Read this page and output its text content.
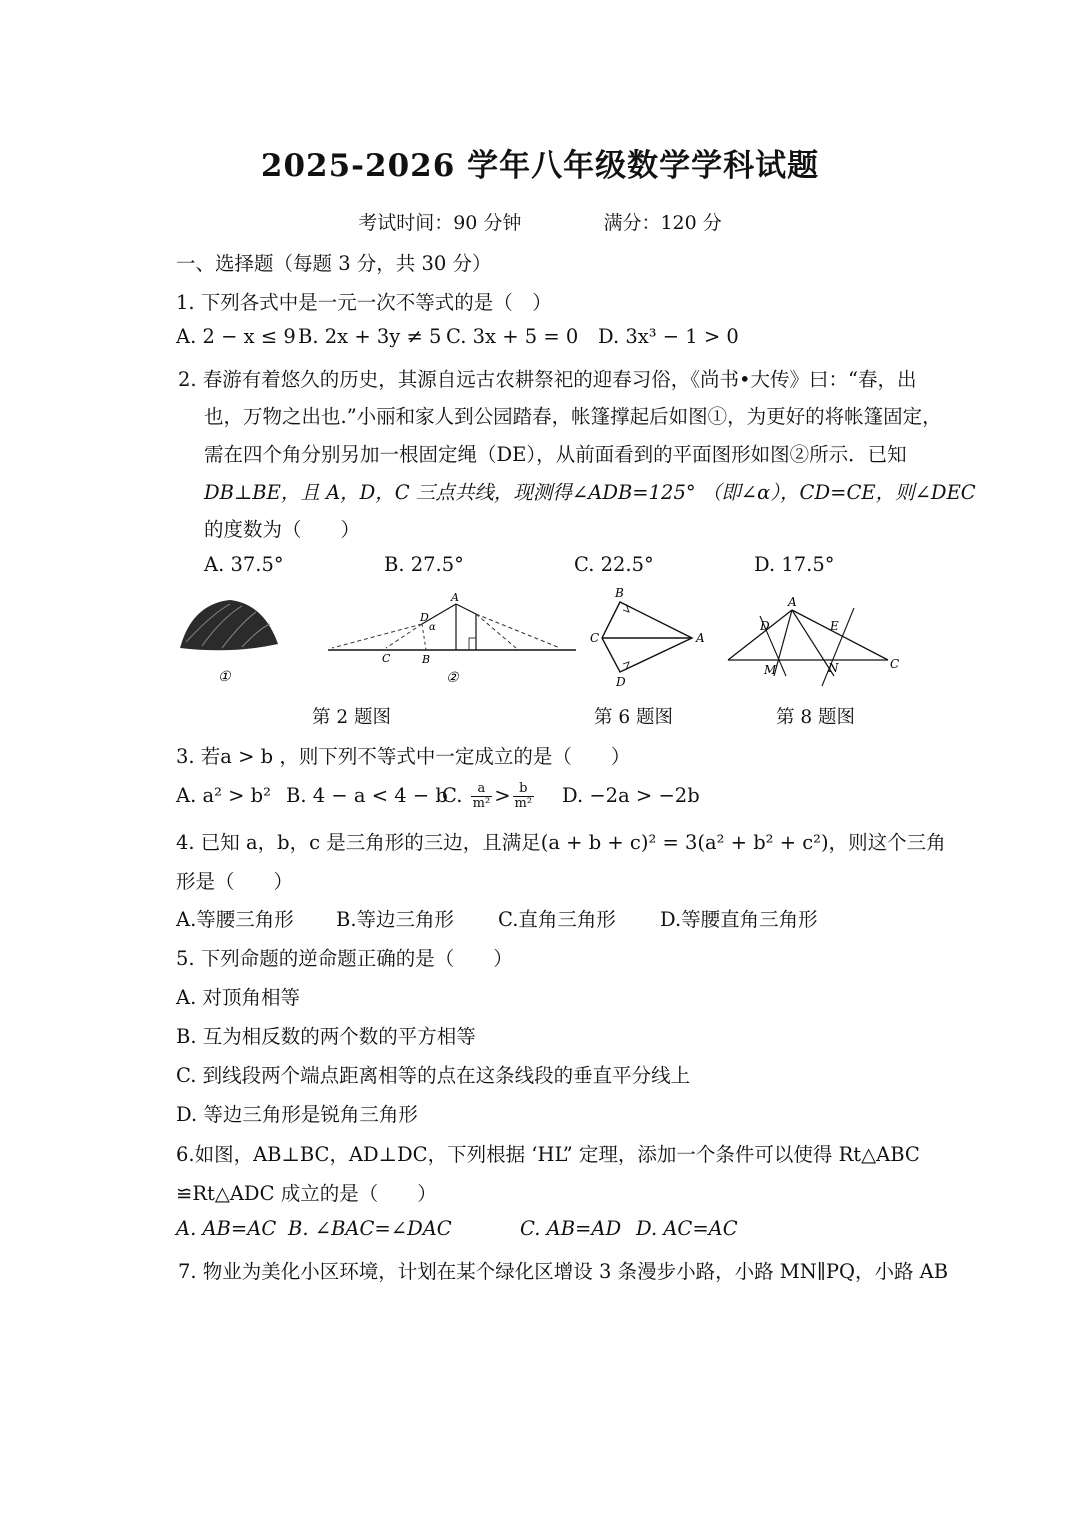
2025-2026 学年八年级数学学科试题
考试时间：90 分钟	满分：120 分
一、选择题（每题 3 分，共 30 分）
1. 下列各式中是一元一次不等式的是（　）
A. 2 − x ≤ 9 B. 2x + 3y ≠ 5 C. 3x + 5 = 0 D. 3x³ − 1 > 0
2. 春游有着悠久的历史，其源自远古农耕祭祀的迎春习俗，《尚书•大传》曰：“春，出
也，万物之出也.”小丽和家人到公园踏春，帐篷撑起后如图①，为更好的将帐篷固定，
需在四个角分别另加一根固定绳（DE），从前面看到的平面图形如图②所示．已知
DB⊥BE，且 A，D，C 三点共线，现测得∠ADB=125° （即∠α），CD=CE，则∠DEC
的度数为（　　）
A. 37.5°	B. 27.5°	C. 22.5°	D. 17.5°
①
A
D
α
C	B
②
B
C	A
D
A
D	E
M	N	C
第 2 题图	第 6 题图	第 8 题图
3. 若a > b ，则下列不等式中一定成立的是（　　）
A. a² > b² B. 4 − a < 4 − bC. $\frac{a}{\text{m²}} > \frac{b}{\text{m²}} D$. −2a > −2b
4. 已知 a，b，c 是三角形的三边，且满足(a + b + c)² = 3(a² + b² + c²)，则这个三角
形是（　　）
A.等腰三角形 B.等边三角形 C.直角三角形 D.等腰直角三角形
5. 下列命题的逆命题正确的是（　　）
A. 对顶角相等
B. 互为相反数的两个数的平方相等
C. 到线段两个端点距离相等的点在这条线段的垂直平分线上
D. 等边三角形是锐角三角形
6.如图，AB⊥BC，AD⊥DC，下列根据 ‘HL” 定理，添加一个条件可以使得 Rt△ABC
≌Rt△ADC 成立的是（　　）
A. AB=AC B. ∠BAC=∠DAC	C. AB=AD D. AC=AC
7. 物业为美化小区环境，计划在某个绿化区增设 3 条漫步小路，小路 MN∥PQ，小路 AB
